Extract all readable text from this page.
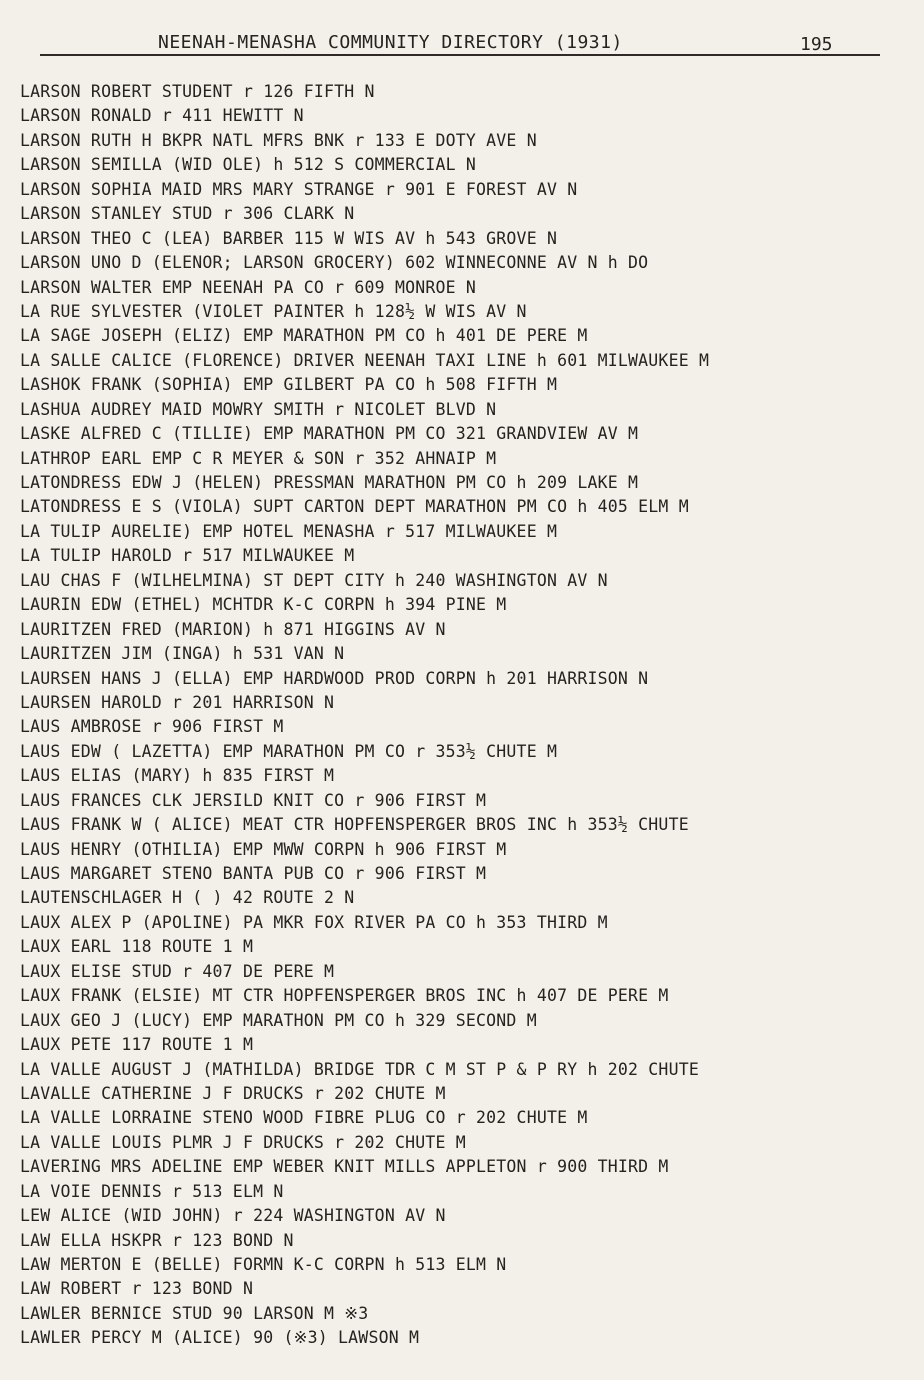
NEENAH-MENASHA COMMUNITY DIRECTORY (1931)	195
LARSON ROBERT STUDENT r 126 FIFTH N
LARSON RONALD r 411 HEWITT N
LARSON RUTH H BKPR NATL MFRS BNK r 133 E DOTY AVE N
LARSON SEMILLA (WID OLE) h 512 S COMMERCIAL N
LARSON SOPHIA MAID MRS MARY STRANGE r 901 E FOREST AV N
LARSON STANLEY STUD r 306 CLARK N
LARSON THEO C (LEA) BARBER 115 W WIS AV h 543 GROVE N
LARSON UNO D (ELENOR; LARSON GROCERY) 602 WINNECONNE AV N h DO
LARSON WALTER EMP NEENAH PA CO r 609 MONROE N
LA RUE SYLVESTER (VIOLET PAINTER h 128½ W WIS AV N
LA SAGE JOSEPH (ELIZ) EMP MARATHON PM CO h 401 DE PERE M
LA SALLE CALICE (FLORENCE) DRIVER NEENAH TAXI LINE h 601 MILWAUKEE M
LASHOK FRANK (SOPHIA) EMP GILBERT PA CO h 508 FIFTH M
LASHUA AUDREY MAID MOWRY SMITH r NICOLET BLVD N
LASKE ALFRED C (TILLIE) EMP MARATHON PM CO 321 GRANDVIEW AV M
LATHROP EARL EMP C R MEYER & SON r 352 AHNAIP M
LATONDRESS EDW J (HELEN) PRESSMAN MARATHON PM CO h 209 LAKE M
LATONDRESS E S (VIOLA) SUPT CARTON DEPT MARATHON PM CO h 405 ELM M
LA TULIP AURELIE) EMP HOTEL MENASHA r 517 MILWAUKEE M
LA TULIP HAROLD r 517 MILWAUKEE M
LAU CHAS F (WILHELMINA) ST DEPT CITY h 240 WASHINGTON AV N
LAURIN EDW (ETHEL) MCHTDR K-C CORPN h 394 PINE M
LAURITZEN FRED (MARION) h 871 HIGGINS AV N
LAURITZEN JIM (INGA) h 531 VAN N
LAURSEN HANS J (ELLA) EMP HARDWOOD PROD CORPN h 201 HARRISON N
LAURSEN HAROLD r 201 HARRISON N
LAUS AMBROSE r 906 FIRST M
LAUS EDW ( LAZETTA) EMP MARATHON PM CO r 353½ CHUTE M
LAUS ELIAS (MARY) h 835 FIRST M
LAUS FRANCES CLK JERSILD KNIT CO r 906 FIRST M
LAUS FRANK W ( ALICE) MEAT CTR HOPFENSPERGER BROS INC h 353½ CHUTE
LAUS HENRY (OTHILIA) EMP MWW CORPN h 906 FIRST M
LAUS MARGARET STENO BANTA PUB CO r 906 FIRST M
LAUTENSCHLAGER H ( ) 42 ROUTE 2 N
LAUX ALEX P (APOLINE) PA MKR FOX RIVER PA CO h 353 THIRD M
LAUX EARL 118 ROUTE 1 M
LAUX ELISE STUD r 407 DE PERE M
LAUX FRANK (ELSIE) MT CTR HOPFENSPERGER BROS INC h 407 DE PERE M
LAUX GEO J (LUCY) EMP MARATHON PM CO h 329 SECOND M
LAUX PETE 117 ROUTE 1 M
LA VALLE AUGUST J (MATHILDA) BRIDGE TDR C M ST P & P RY h 202 CHUTE
LAVALLE CATHERINE J F DRUCKS r 202 CHUTE M
LA VALLE LORRAINE STENO WOOD FIBRE PLUG CO r 202 CHUTE M
LA VALLE LOUIS PLMR J F DRUCKS r 202 CHUTE M
LAVERING MRS ADELINE EMP WEBER KNIT MILLS APPLETON r 900 THIRD M
LA VOIE DENNIS r 513 ELM N
LEW ALICE (WID JOHN) r 224 WASHINGTON AV N
LAW ELLA HSKPR r 123 BOND N
LAW MERTON E (BELLE) FORMN K-C CORPN h 513 ELM N
LAW ROBERT r 123 BOND N
LAWLER BERNICE STUD 90 LARSON M ※3
LAWLER PERCY M (ALICE) 90 (※3) LAWSON M
